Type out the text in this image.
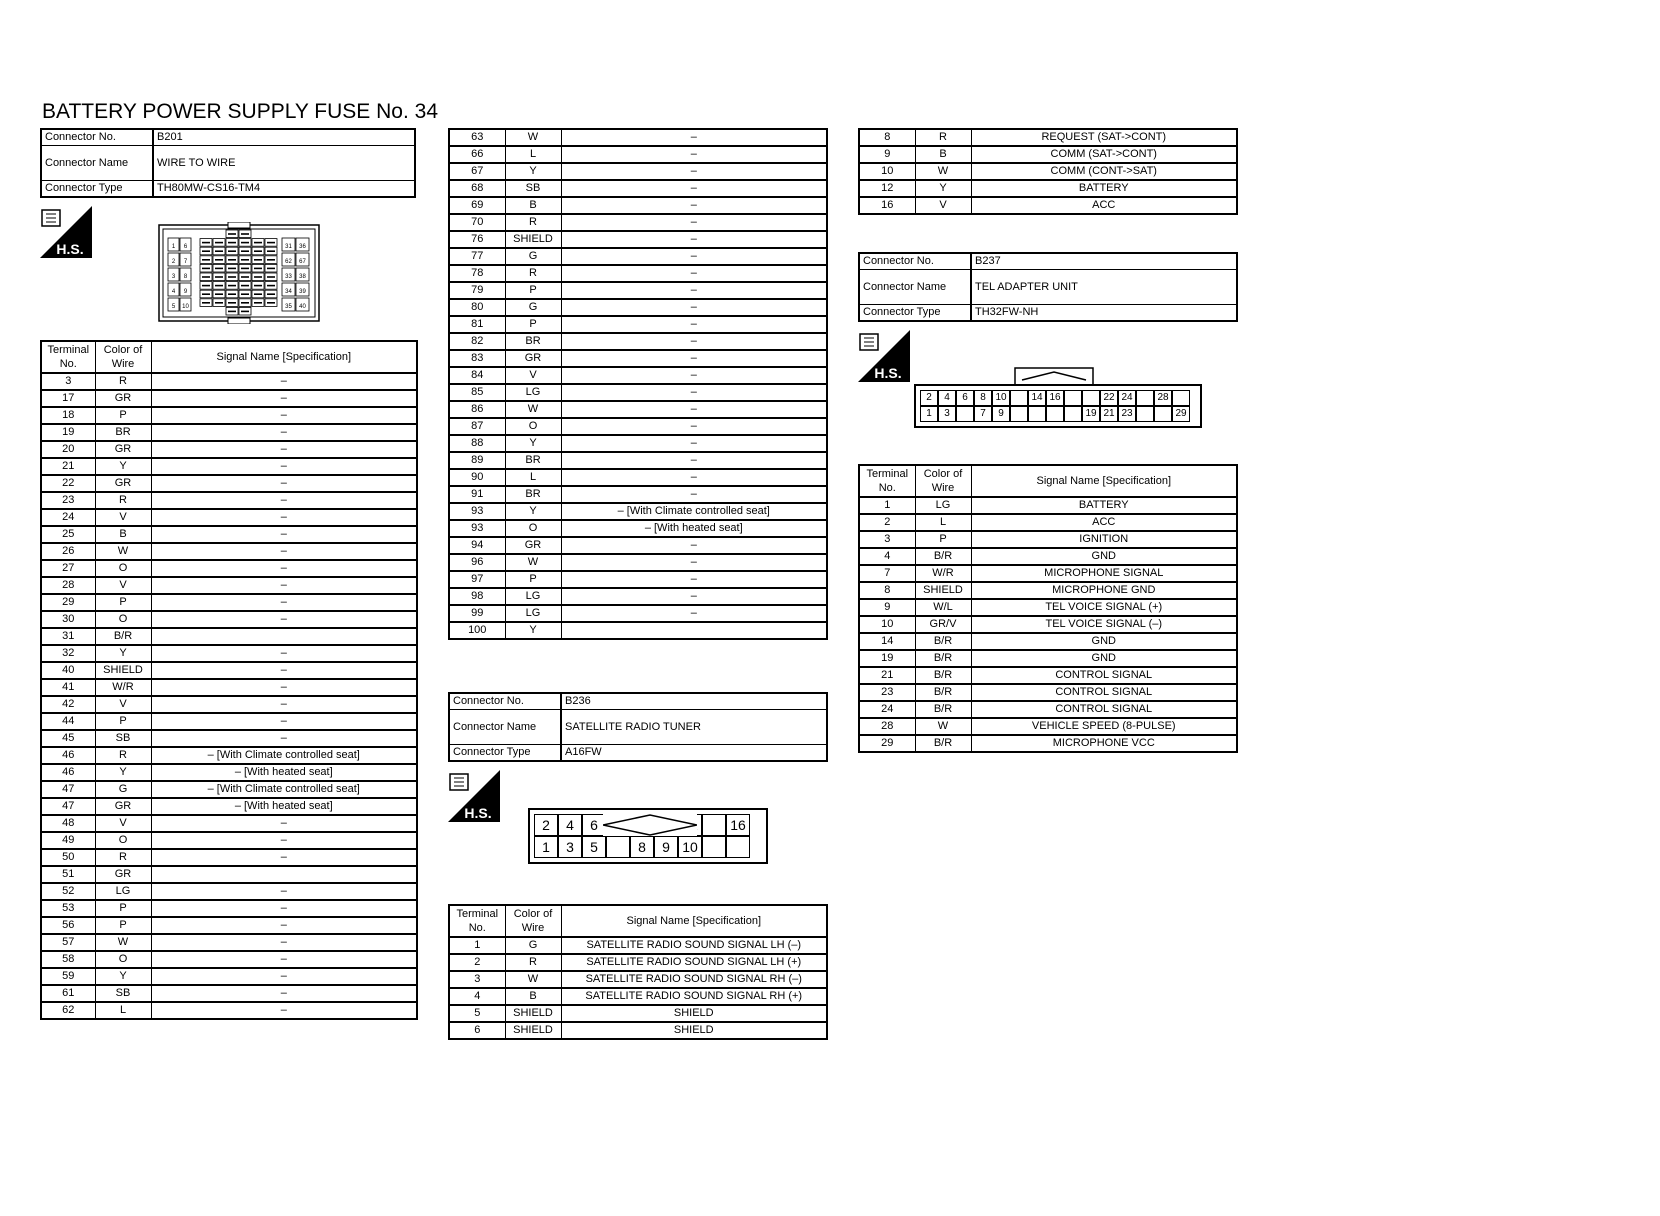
BATTERY POWER SUPPLY FUSE No. 34
Connector No.	B201
Connector Name	WIRE TO WIRE
Connector Type	TH80MW-CS16-TM4
H.S.	1 6
2 7
3 8
4 9
5 10
31 36
62 67
33 38
34 39
35 40
Terminal No.	Color of Wire	Signal Name [Specification]
3	R	–
17	GR	–
18	P	–
19	BR	–
20	GR	–
21	Y	–
22	GR	–
23	R	–
24	V	–
25	B	–
26	W	–
27	O	–
28	V	–
29	P	–
30	O	–
31	B/R	
32	Y	–
40	SHIELD	–
41	W/R	–
42	V	–
44	P	–
45	SB	–
46	R	– [With Climate controlled seat]
46	Y	– [With heated seat]
47	G	– [With Climate controlled seat]
47	GR	– [With heated seat]
48	V	–
49	O	–
50	R	–
51	GR	
52	LG	–
53	P	–
56	P	–
57	W	–
58	O	–
59	Y	–
61	SB	–
62	L	–
63	W	–
66	L	–
67	Y	–
68	SB	–
69	B	–
70	R	–
76	SHIELD	–
77	G	–
78	R	–
79	P	–
80	G	–
81	P	–
82	BR	–
83	GR	–
84	V	–
85	LG	–
86	W	–
87	O	–
88	Y	–
89	BR	–
90	L	–
91	BR	–
93	Y	– [With Climate controlled seat]
93	O	– [With heated seat]
94	GR	–
96	W	–
97	P	–
98	LG	–
99	LG	–
100	Y	
Connector No.	B236
Connector Name	SATELLITE RADIO TUNER
Connector Type	A16FW
H.S.
2	4	6	16
1	3	5	8	9 10
Terminal No.	Color of Wire	Signal Name [Specification]
1	G	SATELLITE RADIO SOUND SIGNAL LH (–)
2	R	SATELLITE RADIO SOUND SIGNAL LH (+)
3	W	SATELLITE RADIO SOUND SIGNAL RH (–)
4	B	SATELLITE RADIO SOUND SIGNAL RH (+)
5	SHIELD	SHIELD
6	SHIELD	SHIELD
8	R	REQUEST (SAT->CONT)
9	B	COMM (SAT->CONT)
10	W	COMM (CONT->SAT)
12	Y	BATTERY
16	V	ACC
Connector No.	B237
Connector Name	TEL ADAPTER UNIT
Connector Type	TH32FW-NH
H.S.
2	4	6	8 10	14 16	22 24	28
1	3	7	9	19 21 23	29
Terminal No.	Color of Wire	Signal Name [Specification]
1	LG	BATTERY
2	L	ACC
3	P	IGNITION
4	B/R	GND
7	W/R	MICROPHONE SIGNAL
8	SHIELD	MICROPHONE GND
9	W/L	TEL VOICE SIGNAL (+)
10	GR/V	TEL VOICE SIGNAL (–)
14	B/R	GND
19	B/R	GND
21	B/R	CONTROL SIGNAL
23	B/R	CONTROL SIGNAL
24	B/R	CONTROL SIGNAL
28	W	VEHICLE SPEED (8-PULSE)
29	B/R	MICROPHONE VCC
